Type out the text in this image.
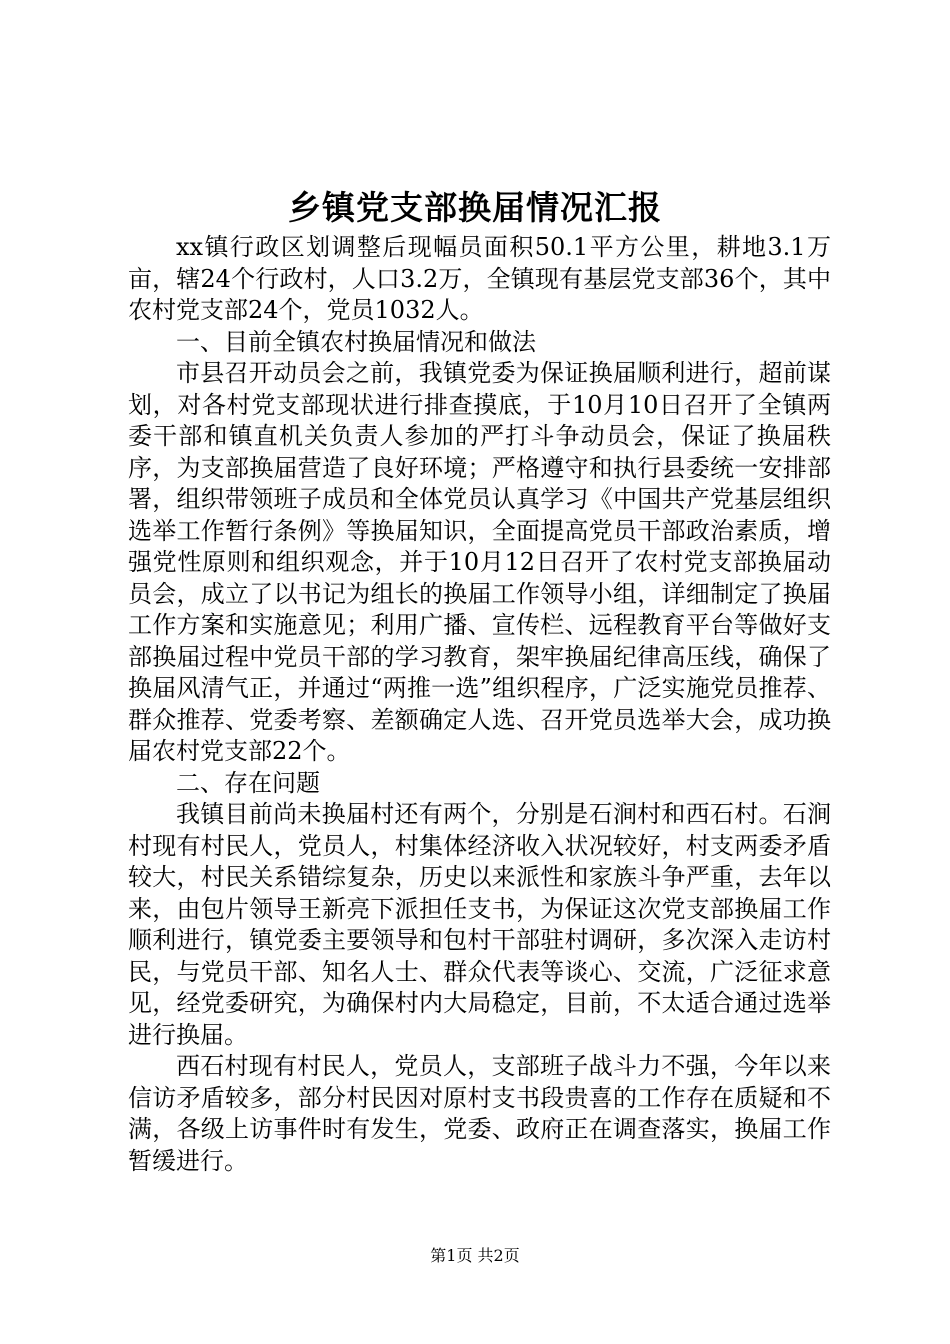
乡镇党支部换届情况汇报

xx镇行政区划调整后现幅员面积50.1平方公里，耕地3.1万亩，辖24个行政村，人口3.2万，全镇现有基层党支部36个，其中农村党支部24个，党员1032人。

一、目前全镇农村换届情况和做法

市县召开动员会之前，我镇党委为保证换届顺利进行，超前谋划，对各村党支部现状进行排查摸底，于10月10日召开了全镇两委干部和镇直机关负责人参加的严打斗争动员会，保证了换届秩序，为支部换届营造了良好环境；严格遵守和执行县委统一安排部署，组织带领班子成员和全体党员认真学习《中国共产党基层组织选举工作暂行条例》等换届知识，全面提高党员干部政治素质，增强党性原则和组织观念，并于10月12日召开了农村党支部换届动员会，成立了以书记为组长的换届工作领导小组，详细制定了换届工作方案和实施意见；利用广播、宣传栏、远程教育平台等做好支部换届过程中党员干部的学习教育，架牢换届纪律高压线，确保了换届风清气正，并通过“两推一选”组织程序，广泛实施党员推荐、群众推荐、党委考察、差额确定人选、召开党员选举大会，成功换届农村党支部22个。

二、存在问题

我镇目前尚未换届村还有两个，分别是石涧村和西石村。石涧村现有村民人，党员人，村集体经济收入状况较好，村支两委矛盾较大，村民关系错综复杂，历史以来派性和家族斗争严重，去年以来，由包片领导王新亮下派担任支书，为保证这次党支部换届工作顺利进行，镇党委主要领导和包村干部驻村调研，多次深入走访村民，与党员干部、知名人士、群众代表等谈心、交流，广泛征求意见，经党委研究，为确保村内大局稳定，目前，不太适合通过选举进行换届。

西石村现有村民人，党员人，支部班子战斗力不强，今年以来信访矛盾较多，部分村民因对原村支书段贵喜的工作存在质疑和不满，各级上访事件时有发生，党委、政府正在调查落实，换届工作暂缓进行。

第1页 共2页
